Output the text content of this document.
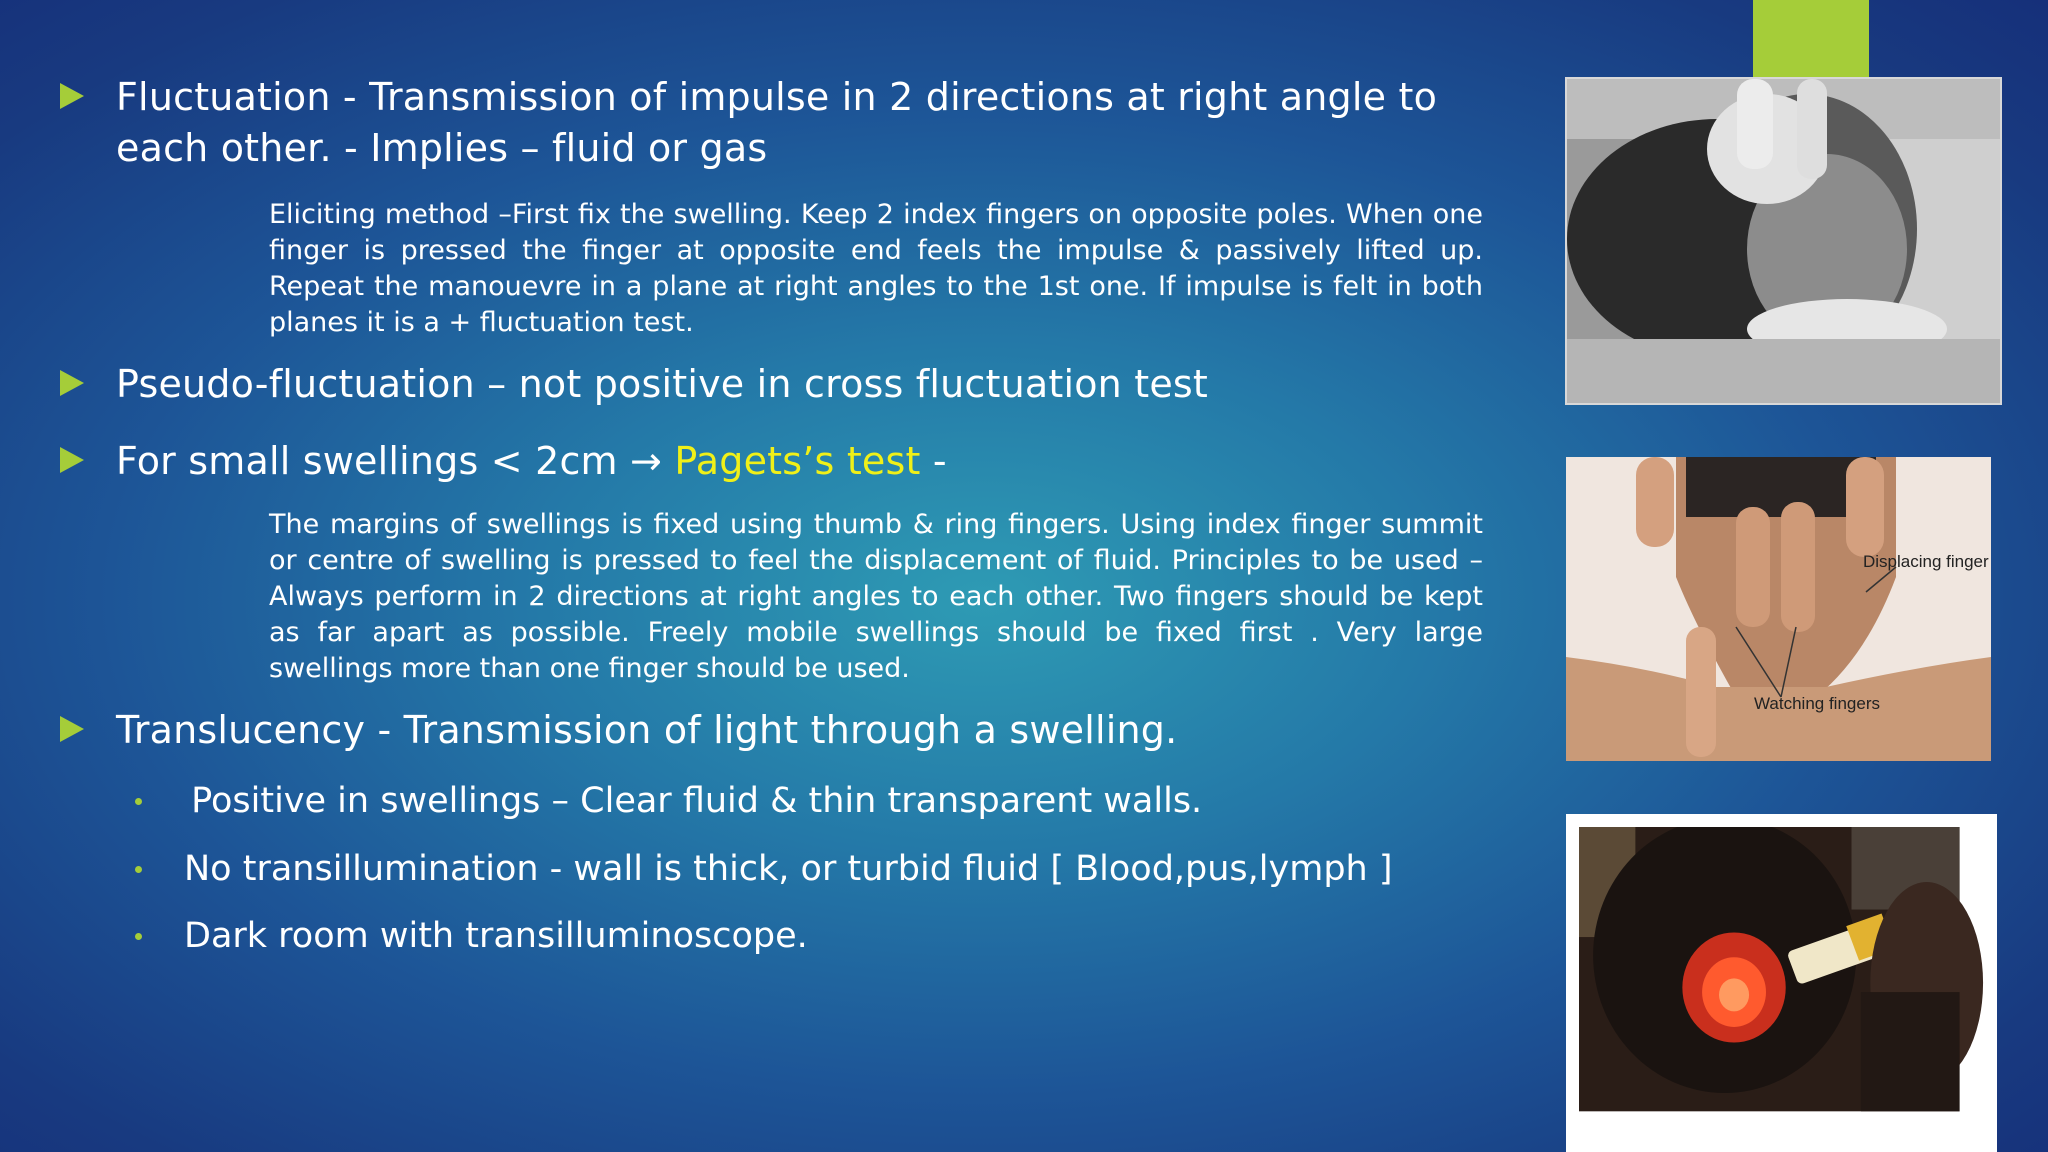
Fluctuation - Transmission of impulse in 2 directions at right angle to each other. - Implies – fluid or gas
Eliciting method –First fix the swelling. Keep 2 index fingers on opposite poles. When one finger is pressed the finger at opposite end feels the impulse & passively lifted up. Repeat the manouevre in a plane at right angles to the 1st one. If impulse is felt in both planes it is a + fluctuation test.
Pseudo-fluctuation – not positive in cross fluctuation test
For small swellings < 2cm → Pagets’s test -
The margins of swellings is fixed using thumb & ring fingers. Using index finger summit or centre of swelling is pressed to feel the displacement of fluid. Principles to be used –Always perform in 2 directions at right angles to each other. Two fingers should be kept as far apart as possible. Freely mobile swellings should be fixed first . Very large swellings more than one finger should be used.
Translucency - Transmission of light through a swelling.
Positive in swellings – Clear fluid & thin transparent walls.
No transillumination - wall is thick, or turbid fluid [ Blood,pus,lymph ]
Dark room with transilluminoscope.
Displacing finger
Watching fingers
